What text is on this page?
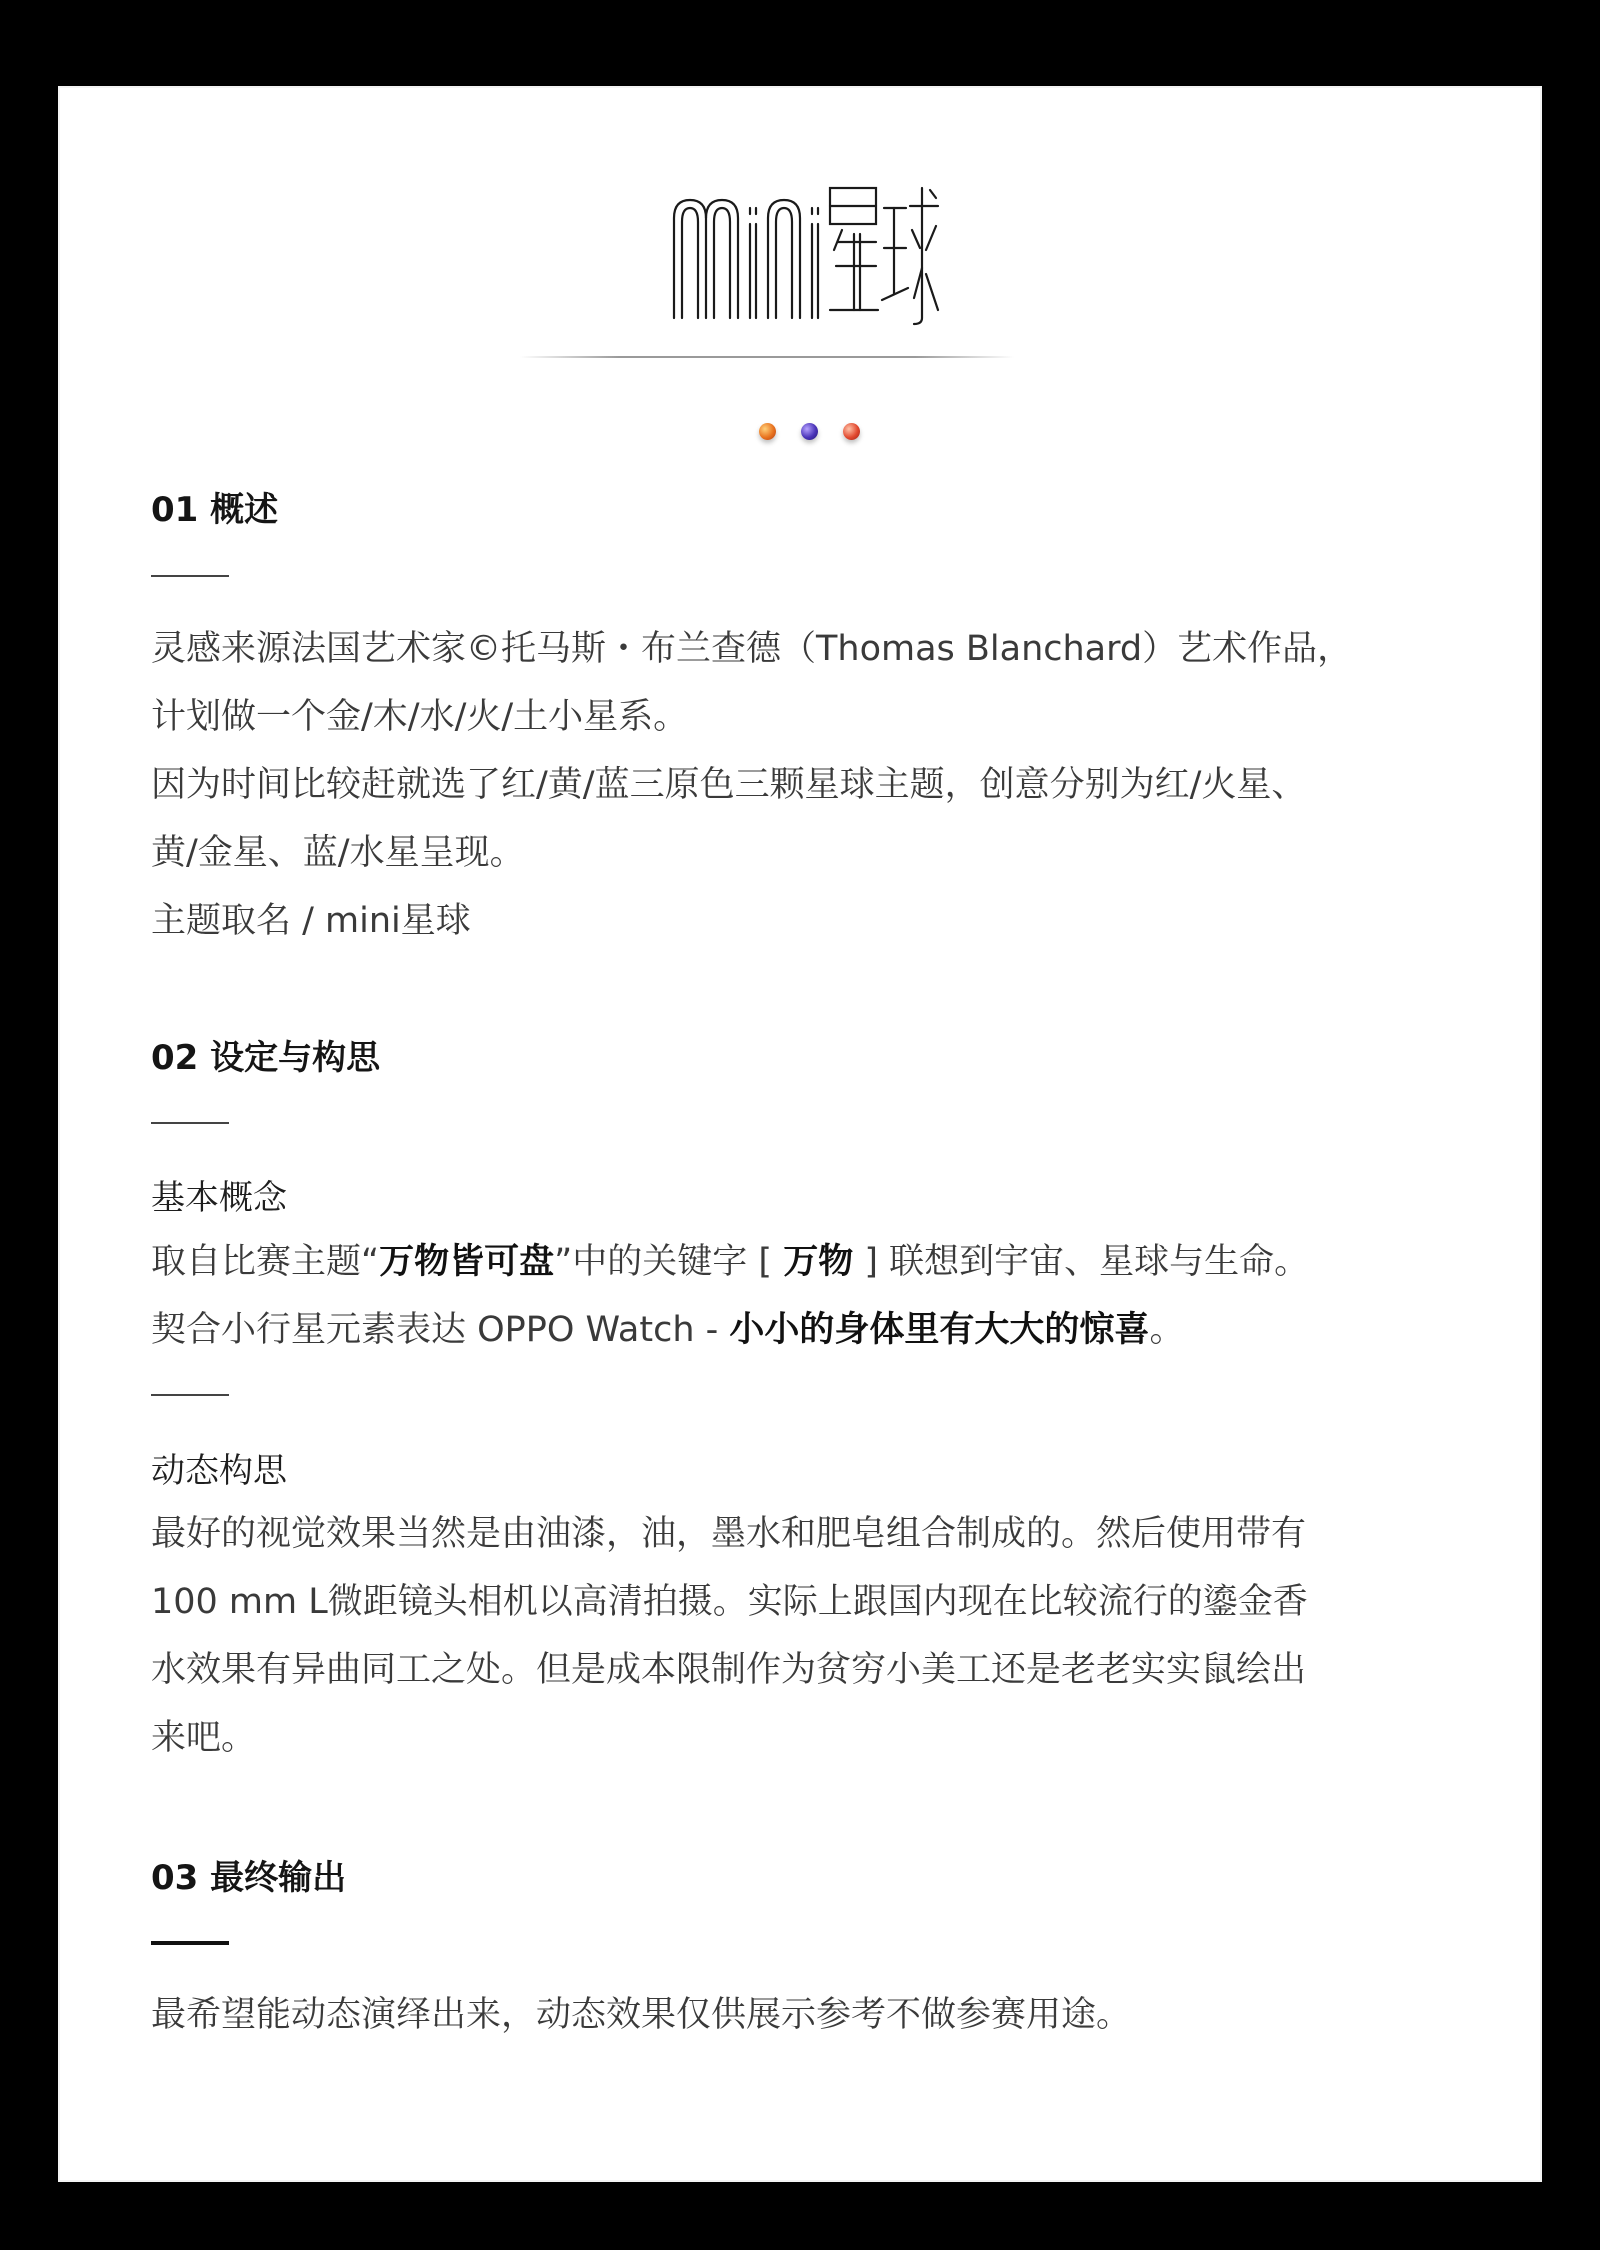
mini星球
01 概述

灵感来源法国艺术家©托马斯・布兰查德（Thomas Blanchard）艺术作品，
计划做一个金/木/水/火/土小星系。
因为时间比较赶就选了红/黄/蓝三原色三颗星球主题，创意分别为红/火星、
黄/金星、蓝/水星呈现。
主题取名 / mini星球

02 设定与构思

基本概念

取自比赛主题“万物皆可盘”中的关键字 [ 万物 ] 联想到宇宙、星球与生命。
契合小行星元素表达 OPPO Watch - 小小的身体里有大大的惊喜。

动态构思

最好的视觉效果当然是由油漆，油，墨水和肥皂组合制成的。然后使用带有
100 mm L微距镜头相机以高清拍摄。实际上跟国内现在比较流行的鎏金香
水效果有异曲同工之处。但是成本限制作为贫穷小美工还是老老实实鼠绘出
来吧。

03 最终输出

最希望能动态演绎出来，动态效果仅供展示参考不做参赛用途。
